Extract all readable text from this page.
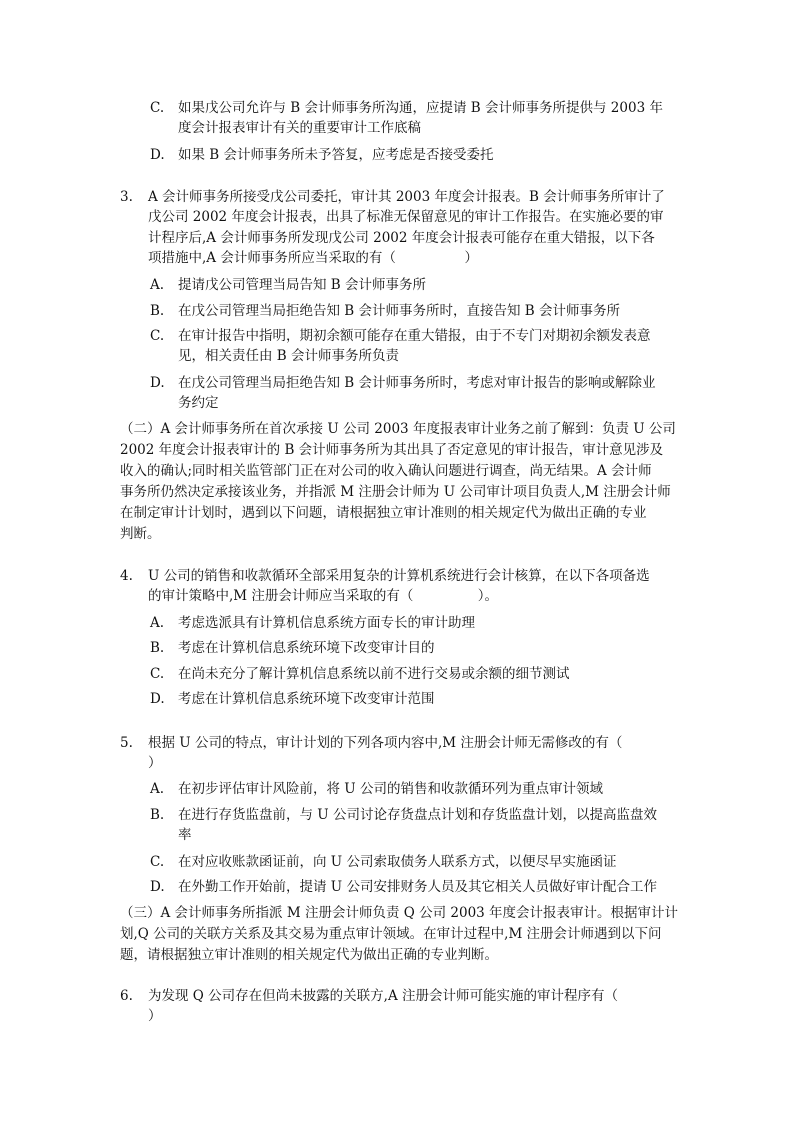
C. 如果戊公司允许与 B 会计师事务所沟通，应提请 B 会计师事务所提供与 2003 年
度会计报表审计有关的重要审计工作底稿
D. 如果 B 会计师事务所未予答复，应考虑是否接受委托
3. A 会计师事务所接受戊公司委托，审计其 2003 年度会计报表。B 会计师事务所审计了
戊公司 2002 年度会计报表，出具了标准无保留意见的审计工作报告。在实施必要的审
计程序后,A 会计师事务所发现戊公司 2002 年度会计报表可能存在重大错报，以下各
项措施中,A 会计师事务所应当采取的有（                ）
A. 提请戊公司管理当局告知 B 会计师事务所
B. 在戊公司管理当局拒绝告知 B 会计师事务所时，直接告知 B 会计师事务所
C. 在审计报告中指明，期初余额可能存在重大错报，由于不专门对期初余额发表意
见，相关责任由 B 会计师事务所负责
D. 在戊公司管理当局拒绝告知 B 会计师事务所时，考虑对审计报告的影响或解除业
务约定
（二）A 会计师事务所在首次承接 U 公司 2003 年度报表审计业务之前了解到：负责 U 公司
2002 年度会计报表审计的 B 会计师事务所为其出具了否定意见的审计报告，审计意见涉及
收入的确认;同时相关监管部门正在对公司的收入确认问题进行调查，尚无结果。A 会计师
事务所仍然决定承接该业务，并指派 M 注册会计师为 U 公司审计项目负责人,M 注册会计师
在制定审计计划时，遇到以下问题，请根据独立审计准则的相关规定代为做出正确的专业
判断。
4. U 公司的销售和收款循环全部采用复杂的计算机系统进行会计核算，在以下各项备选
的审计策略中,M 注册会计师应当采取的有（               ）。
A. 考虑选派具有计算机信息系统方面专长的审计助理
B. 考虑在计算机信息系统环境下改变审计目的
C. 在尚未充分了解计算机信息系统以前不进行交易或余额的细节测试
D. 考虑在计算机信息系统环境下改变审计范围
5. 根据 U 公司的特点，审计计划的下列各项内容中,M 注册会计师无需修改的有（
）
A. 在初步评估审计风险前，将 U 公司的销售和收款循环列为重点审计领域
B. 在进行存货监盘前，与 U 公司讨论存货盘点计划和存货监盘计划，以提高监盘效
率
C. 在对应收账款函证前，向 U 公司索取债务人联系方式，以便尽早实施函证
D. 在外勤工作开始前，提请 U 公司安排财务人员及其它相关人员做好审计配合工作
（三）A 会计师事务所指派 M 注册会计师负责 Q 公司 2003 年度会计报表审计。根据审计计
划,Q 公司的关联方关系及其交易为重点审计领域。在审计过程中,M 注册会计师遇到以下问
题，请根据独立审计准则的相关规定代为做出正确的专业判断。
6. 为发现 Q 公司存在但尚未披露的关联方,A 注册会计师可能实施的审计程序有（
）
